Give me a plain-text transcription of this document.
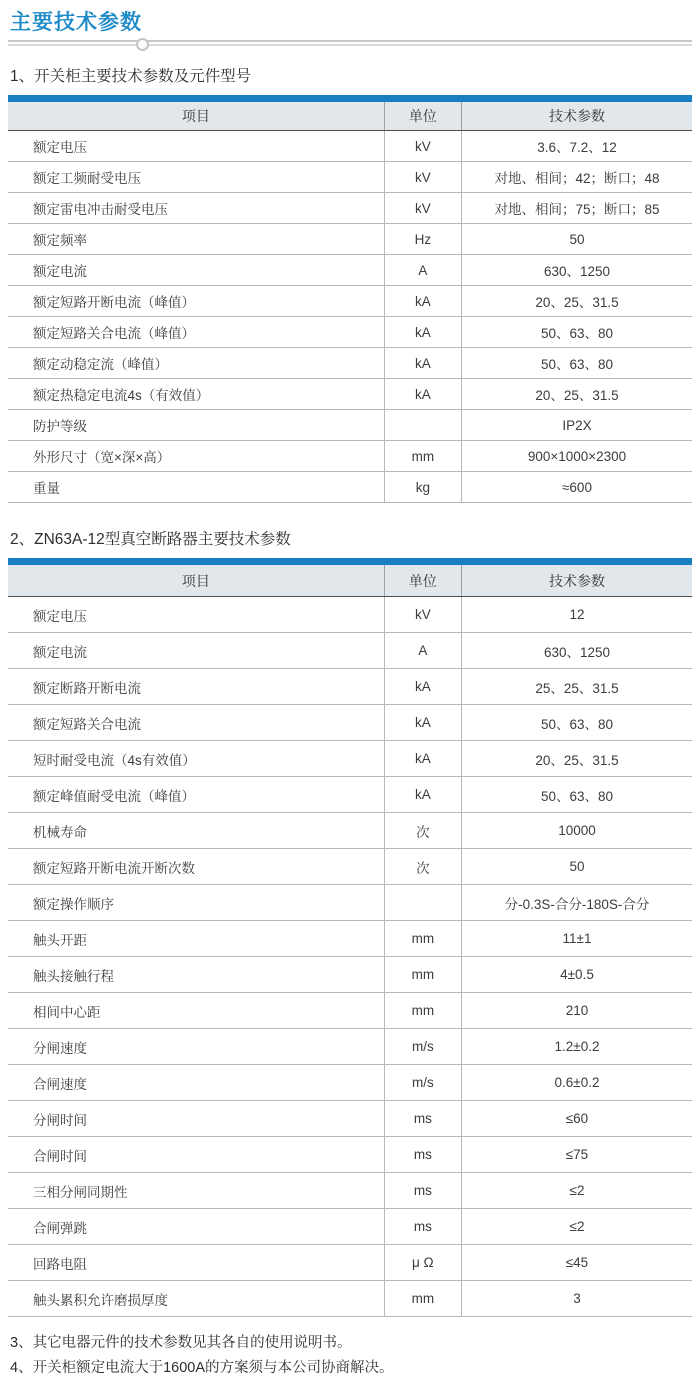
主要技术参数
1、开关柜主要技术参数及元件型号
项目	单位	技术参数
额定电压	kV	3.6、7.2、12
额定工频耐受电压	kV	对地、相间；42；断口；48
额定雷电冲击耐受电压	kV	对地、相间；75；断口；85
额定频率	Hz	50
额定电流	A	630、1250
额定短路开断电流（峰值）	kA	20、25、31.5
额定短路关合电流（峰值）	kA	50、63、80
额定动稳定流（峰值）	kA	50、63、80
额定热稳定电流4s（有效值）	kA	20、25、31.5
防护等级		IP2X
外形尺寸（宽×深×高）	mm	900×1000×2300
重量	kg	≈600
2、ZN63A-12型真空断路器主要技术参数
项目	单位	技术参数
额定电压	kV	12
额定电流	A	630、1250
额定断路开断电流	kA	25、25、31.5
额定短路关合电流	kA	50、63、80
短时耐受电流（4s有效值）	kA	20、25、31.5
额定峰值耐受电流（峰值）	kA	50、63、80
机械寿命	次	10000
额定短路开断电流开断次数	次	50
额定操作顺序		分-0.3S-合分-180S-合分
触头开距	mm	11±1
触头接触行程	mm	4±0.5
相间中心距	mm	210
分闸速度	m/s	1.2±0.2
合闸速度	m/s	0.6±0.2
分闸时间	ms	≤60
合闸时间	ms	≤75
三相分闸同期性	ms	≤2
合闸弹跳	ms	≤2
回路电阻	μ Ω	≤45
触头累积允许磨损厚度	mm	3
3、其它电器元件的技术参数见其各自的使用说明书。
4、开关柜额定电流大于1600A的方案须与本公司协商解决。
